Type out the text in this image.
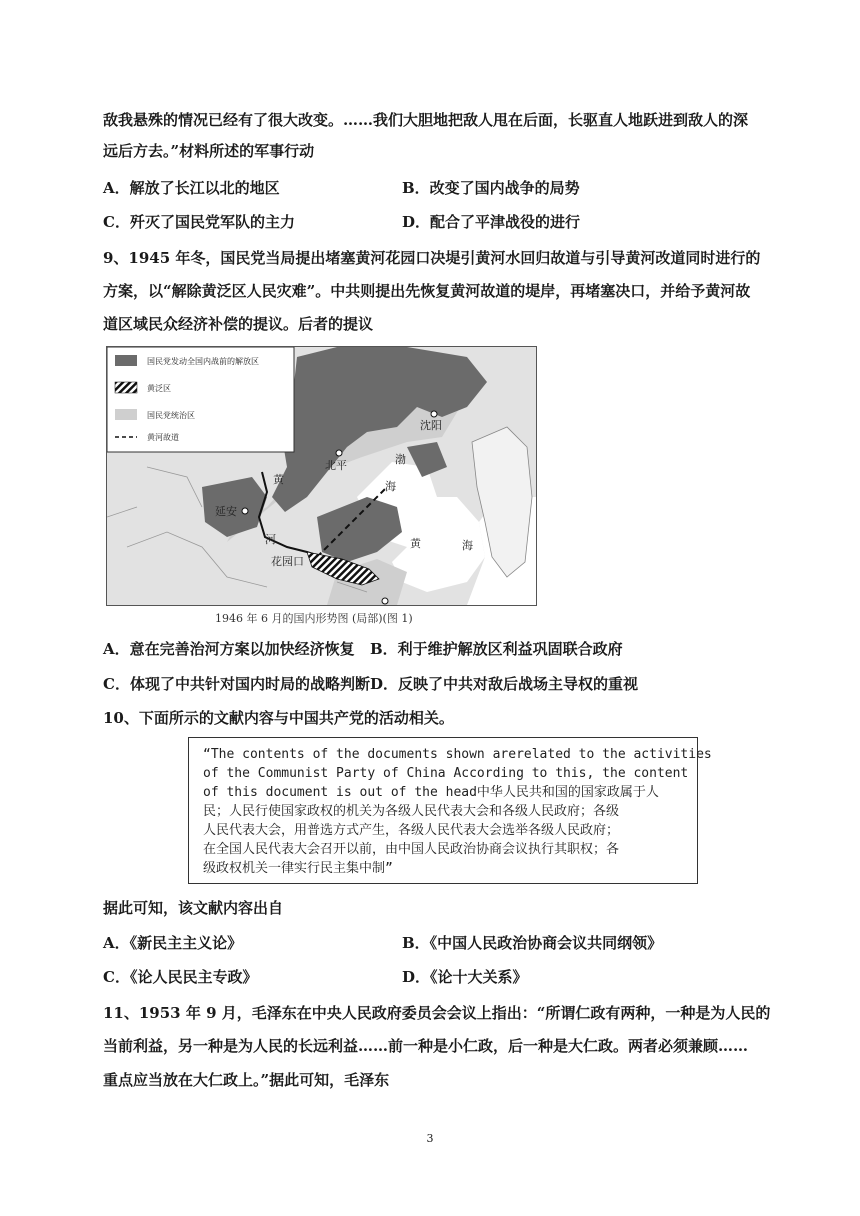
敌我悬殊的情况已经有了很大改变。……我们大胆地把敌人甩在后面，长驱直人地跃进到敌人的深
远后方去。”材料所述的军事行动
A．解放了长江以北的地区	B．改变了国内战争的局势
C．歼灭了国民党军队的主力	D．配合了平津战役的进行
9、1945 年冬，国民党当局提出堵塞黄河花园口决堤引黄河水回归故道与引导黄河改道同时进行的
方案，以“解除黄泛区人民灾难”。中共则提出先恢复黄河故道的堤岸，再堵塞决口，并给予黄河故
道区域民众经济补偿的提议。后者的提议
国民党发动全国内战前的解放区
黄泛区
国民党统治区
黄河故道
延安
北平
沈阳
花园口
黄
河
渤
海
黄	海
1946 年 6 月的国内形势图 (局部)(图 1)
A．意在完善治河方案以加快经济恢复 B．利于维护解放区利益巩固联合政府
C．体现了中共针对国内时局的战略判断 D．反映了中共对敌后战场主导权的重视
10、下面所示的文献内容与中国共产党的活动相关。
“The contents of the documents shown arerelated to the activities
of the Communist Party of China According to this, the content
of this document is out of the head中华人民共和国的国家政属于人
民；人民行使国家政权的机关为各级人民代表大会和各级人民政府；各级
人民代表大会，用普选方式产生，各级人民代表大会选举各级人民政府；
在全国人民代表大会召开以前，由中国人民政治协商会议执行其职权；各
级政权机关一律实行民主集中制”
据此可知，该文献内容出自
A．《新民主主义论》	B．《中国人民政治协商会议共同纲领》
C．《论人民民主专政》	D．《论十大关系》
11、1953 年 9 月，毛泽东在中央人民政府委员会会议上指出：“所谓仁政有两种，一种是为人民的
当前利益，另一种是为人民的长远利益……前一种是小仁政，后一种是大仁政。两者必须兼顾……
重点应当放在大仁政上。”据此可知，毛泽东
3
